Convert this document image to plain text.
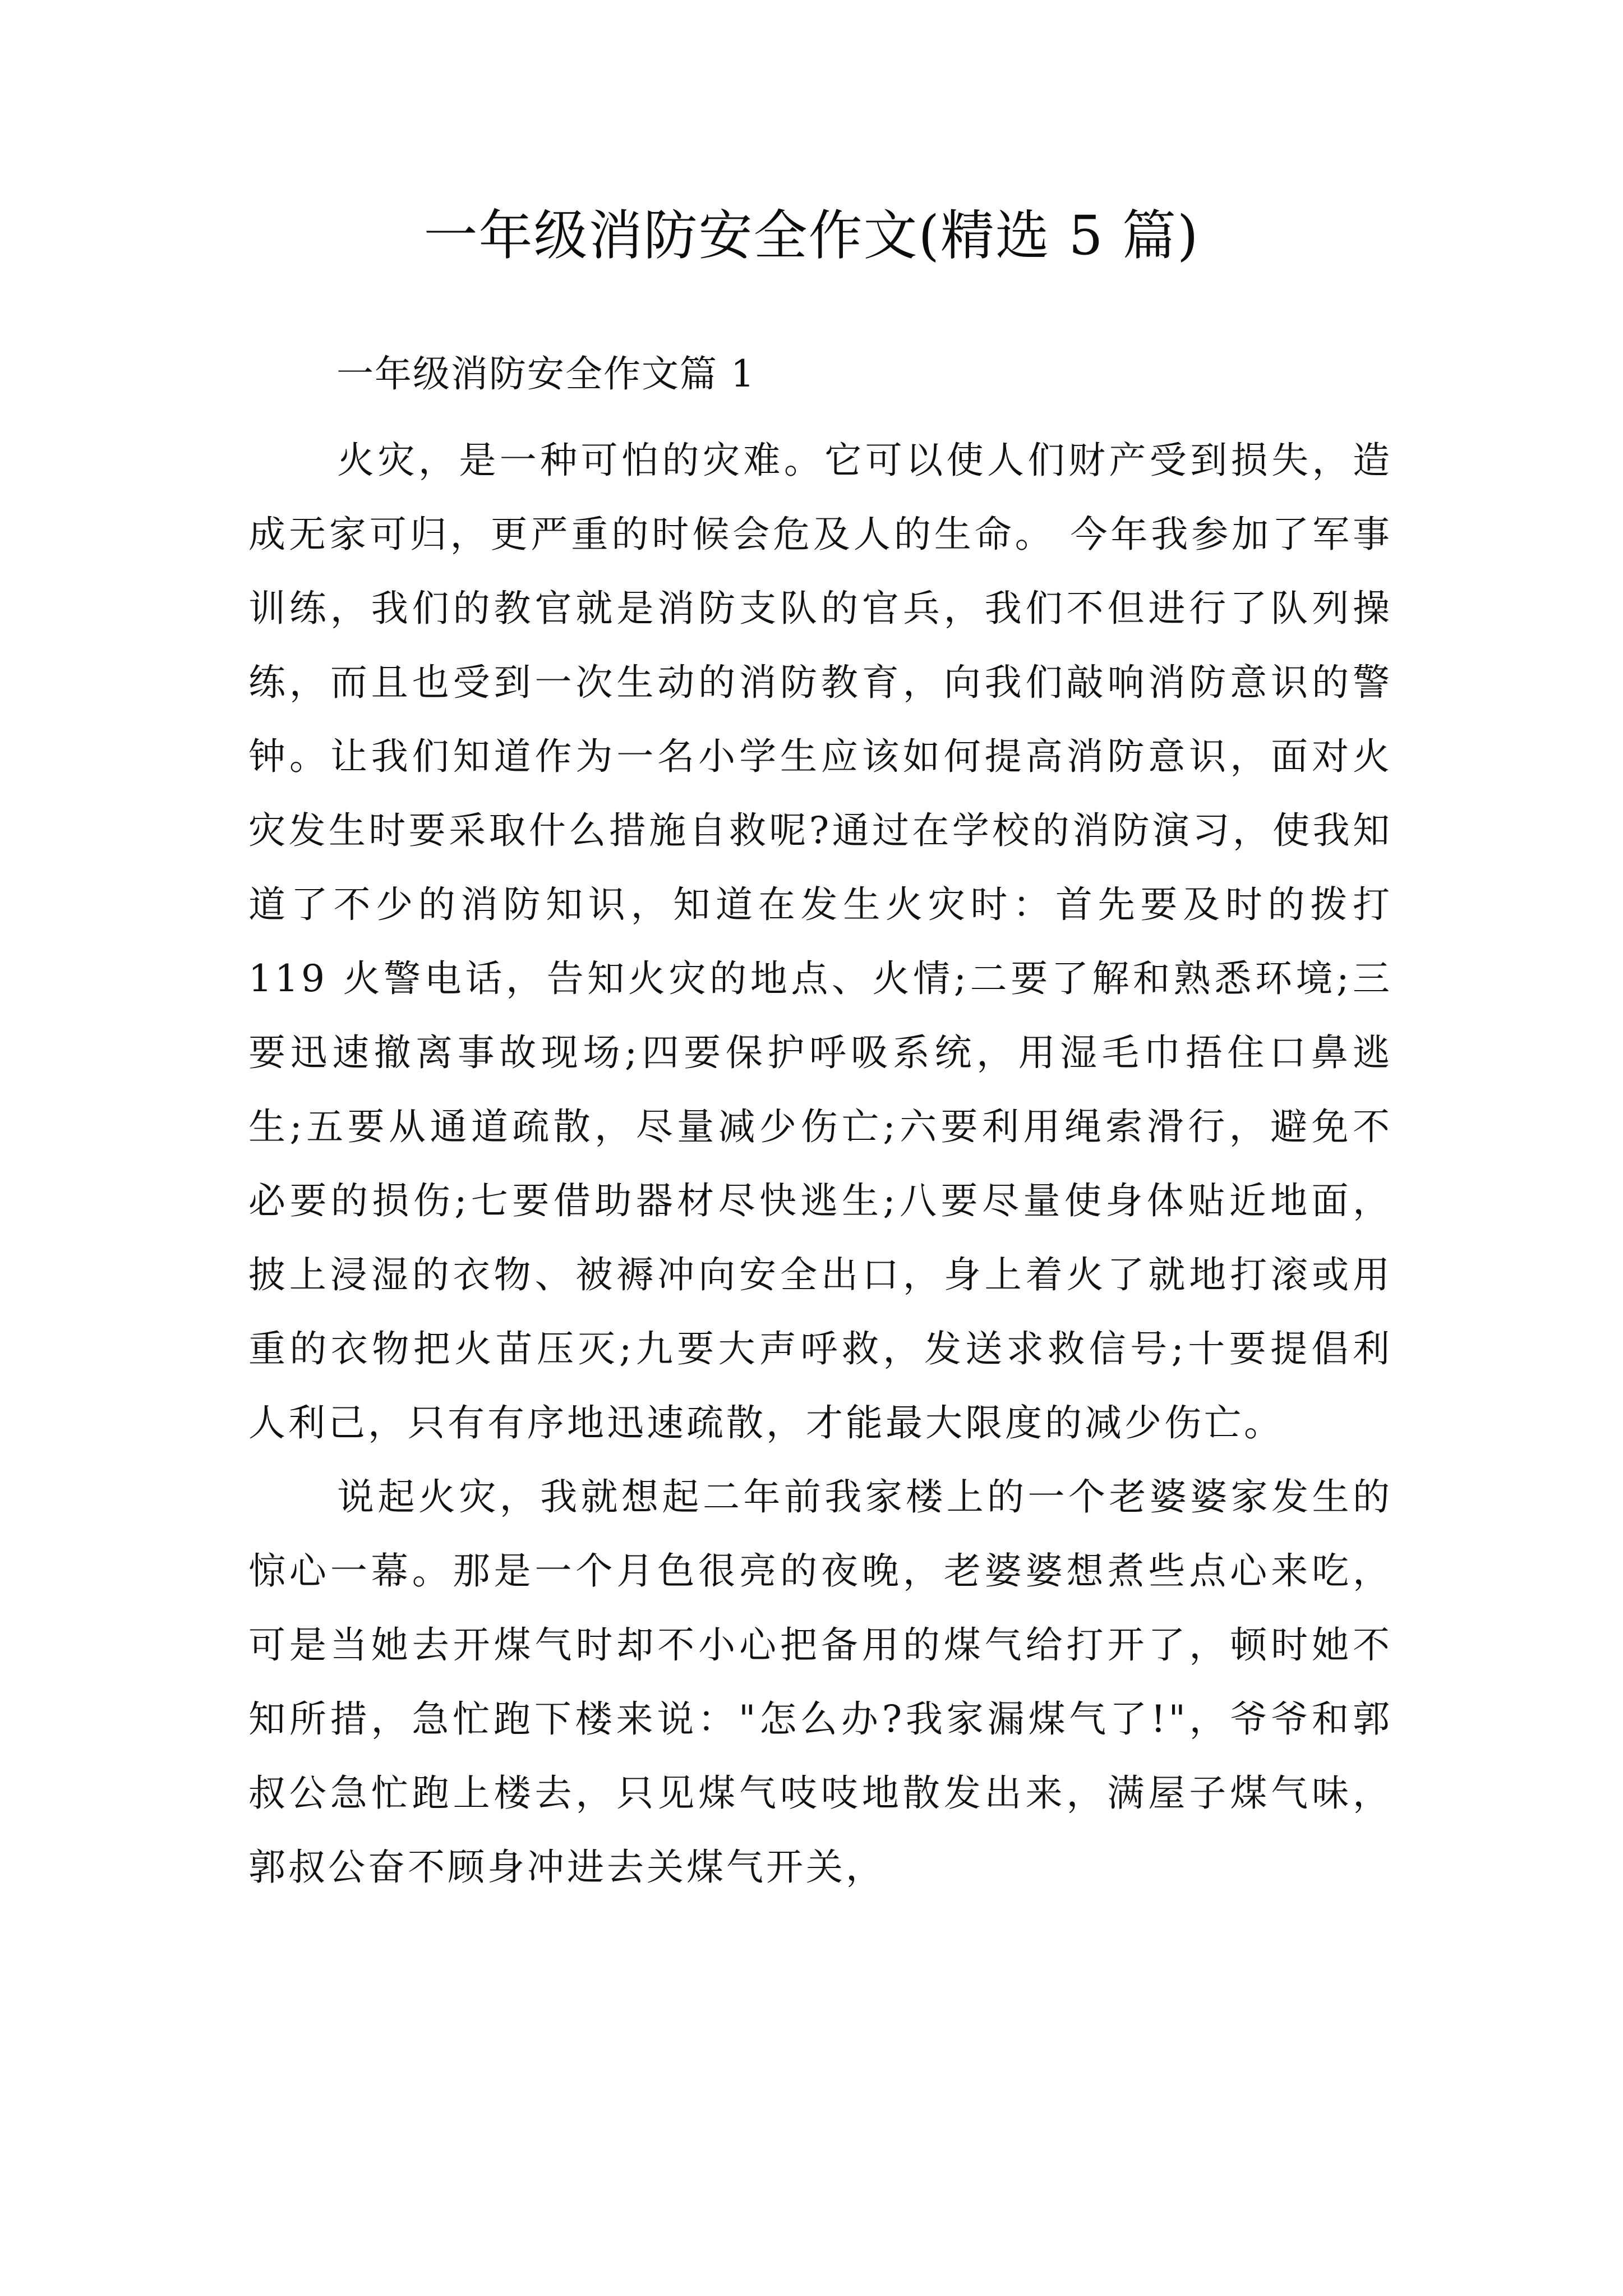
一年级消防安全作文(精选 5 篇)
一年级消防安全作文篇 1

火灾，是一种可怕的灾难。它可以使人们财产受到损失，造成无家可归，更严重的时候会危及人的生命。 今年我参加了军事训练，我们的教官就是消防支队的官兵，我们不但进行了队列操练，而且也受到一次生动的消防教育，向我们敲响消防意识的警钟。让我们知道作为一名小学生应该如何提高消防意识，面对火灾发生时要采取什么措施自救呢?通过在学校的消防演习，使我知道了不少的消防知识，知道在发生火灾时：首先要及时的拨打 119 火警电话，告知火灾的地点、火情;二要了解和熟悉环境;三要迅速撤离事故现场;四要保护呼吸系统，用湿毛巾捂住口鼻逃生;五要从通道疏散，尽量减少伤亡;六要利用绳索滑行，避免不必要的损伤;七要借助器材尽快逃生;八要尽量使身体贴近地面，披上浸湿的衣物、被褥冲向安全出口，身上着火了就地打滚或用重的衣物把火苗压灭;九要大声呼救，发送求救信号;十要提倡利人利己，只有有序地迅速疏散，才能最大限度的减少伤亡。

说起火灾，我就想起二年前我家楼上的一个老婆婆家发生的惊心一幕。那是一个月色很亮的夜晚，老婆婆想煮些点心来吃，可是当她去开煤气时却不小心把备用的煤气给打开了，顿时她不知所措，急忙跑下楼来说："怎么办?我家漏煤气了!"，爷爷和郭叔公急忙跑上楼去，只见煤气吱吱地散发出来，满屋子煤气味，郭叔公奋不顾身冲进去关煤气开关，
